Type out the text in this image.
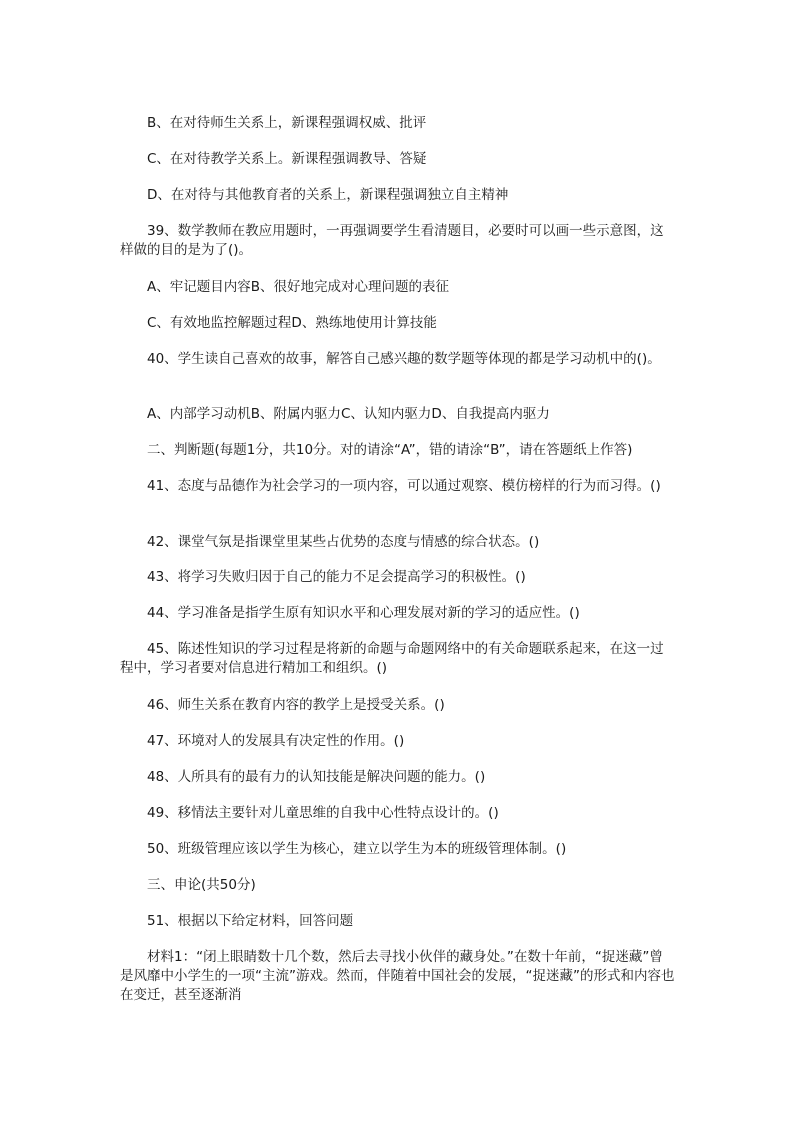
B、在对待师生关系上，新课程强调权威、批评

C、在对待教学关系上。新课程强调教导、答疑

D、在对待与其他教育者的关系上，新课程强调独立自主精神

39、数学教师在教应用题时，一再强调要学生看清题目，必要时可以画一些示意图，这样做的目的是为了()。

A、牢记题目内容B、很好地完成对心理问题的表征

C、有效地监控解题过程D、熟练地使用计算技能

40、学生读自己喜欢的故事，解答自己感兴趣的数学题等体现的都是学习动机中的()。

A、内部学习动机B、附属内驱力C、认知内驱力D、自我提高内驱力

二、判断题(每题1分，共10分。对的请涂“A”，错的请涂“B”，请在答题纸上作答)

41、态度与品德作为社会学习的一项内容，可以通过观察、模仿榜样的行为而习得。()

42、课堂气氛是指课堂里某些占优势的态度与情感的综合状态。()

43、将学习失败归因于自己的能力不足会提高学习的积极性。()

44、学习准备是指学生原有知识水平和心理发展对新的学习的适应性。()

45、陈述性知识的学习过程是将新的命题与命题网络中的有关命题联系起来，在这一过程中，学习者要对信息进行精加工和组织。()

46、师生关系在教育内容的教学上是授受关系。()

47、环境对人的发展具有决定性的作用。()

48、人所具有的最有力的认知技能是解决问题的能力。()

49、移情法主要针对儿童思维的自我中心性特点设计的。()

50、班级管理应该以学生为核心，建立以学生为本的班级管理体制。()

三、申论(共50分)

51、根据以下给定材料，回答问题

材料1：“闭上眼睛数十几个数，然后去寻找小伙伴的藏身处。”在数十年前，“捉迷藏”曾是风靡中小学生的一项“主流”游戏。然而，伴随着中国社会的发展，“捉迷藏”的形式和内容也在变迁，甚至逐渐消
